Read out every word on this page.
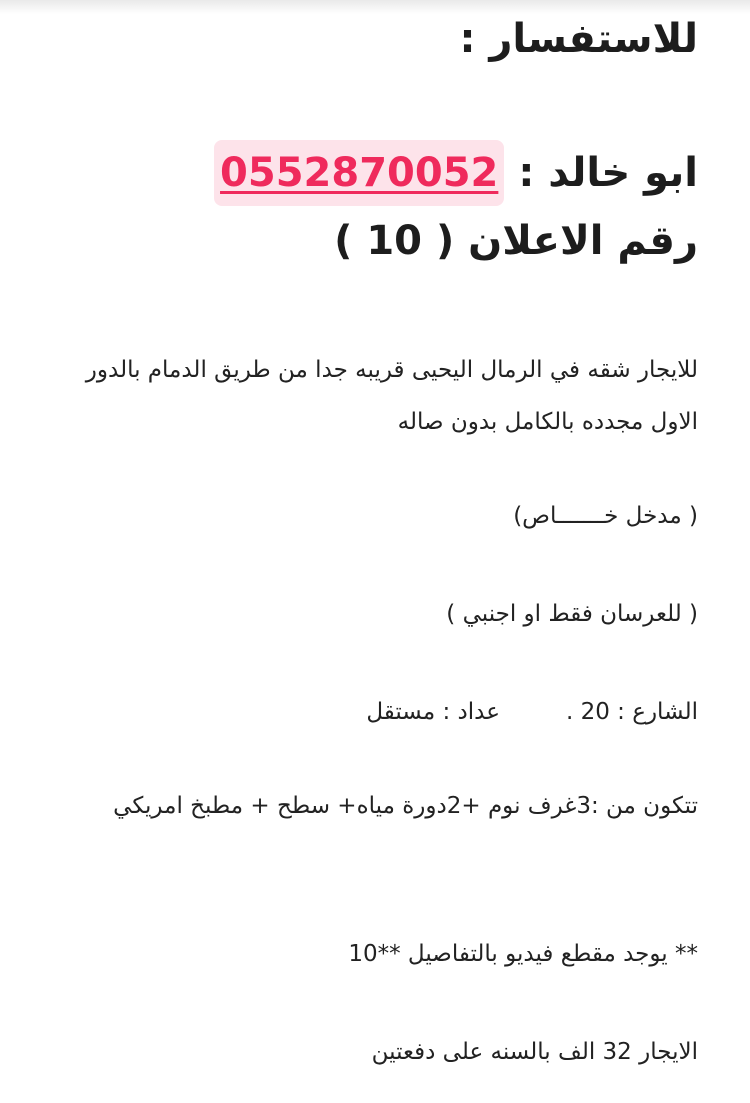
للاستفسار :
ابو خالد :
0552870052
رقم الاعلان ( 10 )
للايجار شقه في الرمال اليحيى قريبه جدا من طريق الدمام بالدور الاول مجدده بالكامل بدون صاله
( مدخل خـــــــاص)
( للعرسان فقط او اجنبي )
الشارع : 20 .
عداد : مستقل
تتكون من :3غرف نوم +2دورة مياه+ سطح + مطبخ امريكي
** يوجد مقطع فيديو بالتفاصيل **10
الايجار 32 الف بالسنه على دفعتين
